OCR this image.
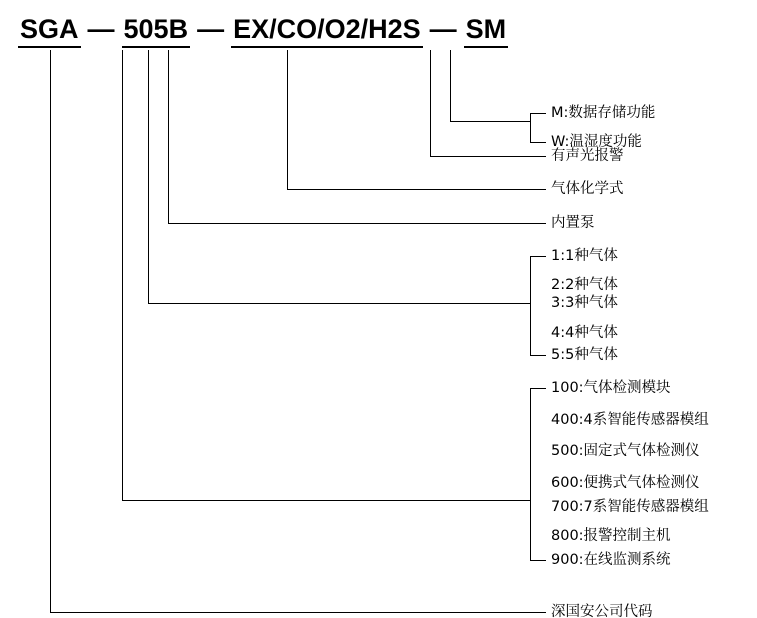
SGA — 505B — EX/CO/O2/H2S — SM
M:数据存储功能
W:温湿度功能
有声光报警
气体化学式
内置泵
1:1种气体
2:2种气体
3:3种气体
4:4种气体
5:5种气体
100:气体检测模块
400:4系智能传感器模组
500:固定式气体检测仪
600:便携式气体检测仪
700:7系智能传感器模组
800:报警控制主机
900:在线监测系统
深国安公司代码
